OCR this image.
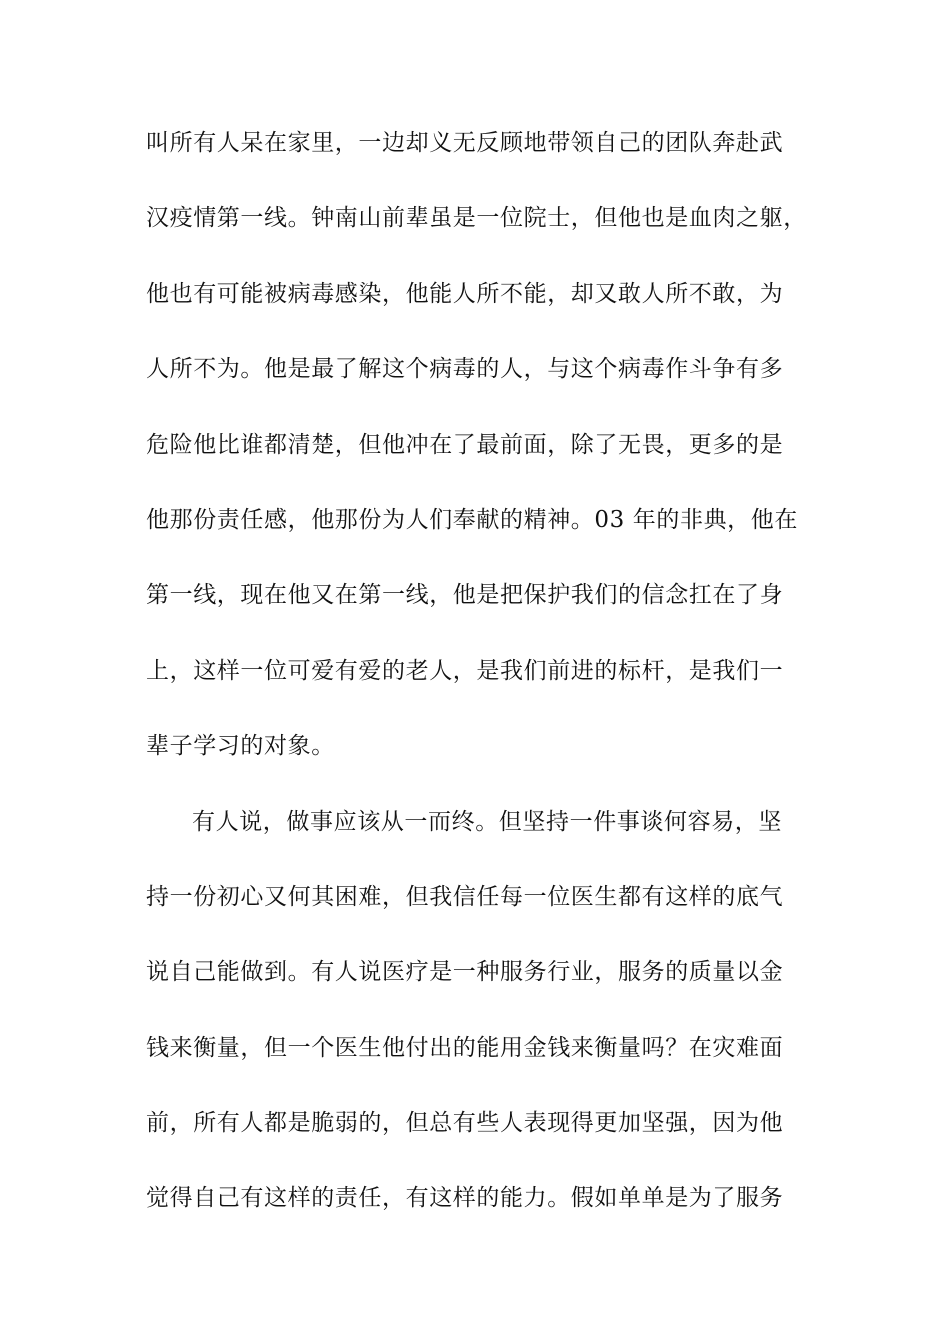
叫所有人呆在家里，一边却义无反顾地带领自己的团队奔赴武
汉疫情第一线。钟南山前辈虽是一位院士，但他也是血肉之躯，
他也有可能被病毒感染，他能人所不能，却又敢人所不敢，为
人所不为。他是最了解这个病毒的人，与这个病毒作斗争有多
危险他比谁都清楚，但他冲在了最前面，除了无畏，更多的是
他那份责任感，他那份为人们奉献的精神。03 年的非典，他在
第一线，现在他又在第一线，他是把保护我们的信念扛在了身
上，这样一位可爱有爱的老人，是我们前进的标杆，是我们一
辈子学习的对象。
有人说，做事应该从一而终。但坚持一件事谈何容易，坚
持一份初心又何其困难，但我信任每一位医生都有这样的底气
说自己能做到。有人说医疗是一种服务行业，服务的质量以金
钱来衡量，但一个医生他付出的能用金钱来衡量吗？在灾难面
前，所有人都是脆弱的，但总有些人表现得更加坚强，因为他
觉得自己有这样的责任，有这样的能力。假如单单是为了服务
